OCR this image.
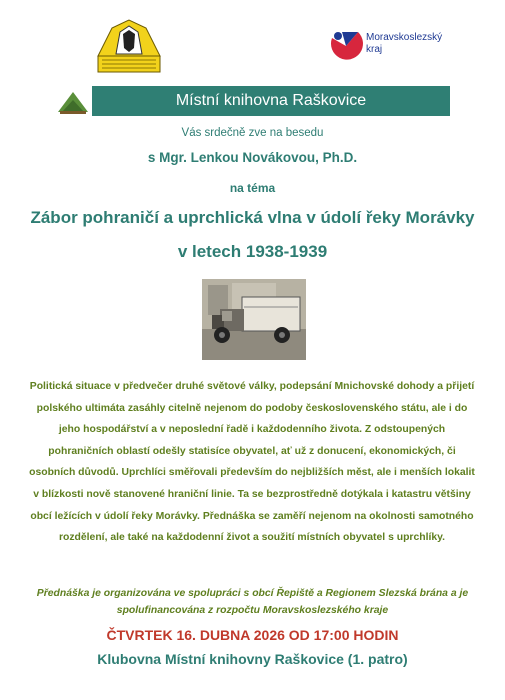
Moravskoslezský
kraj
Místní knihovna Raškovice
Vás srdečně zve na besedu
s Mgr. Lenkou Novákovou, Ph.D.
na téma
Zábor pohraničí a uprchlická vlna v údolí řeky Morávky
v letech 1938-1939
Politická situace v předvečer druhé světové války, podepsání Mnichovské dohody a přijetí
polského ultimáta zasáhly citelně nejenom do podoby československého státu, ale i do
jeho hospodářství a v neposlední řadě i každodenního života. Z odstoupených
pohraničních oblastí odešly statisíce obyvatel, ať už z donucení, ekonomických, či
osobních důvodů. Uprchlíci směřovali především do nejbližších měst, ale i menších lokalit
v blízkosti nově stanovené hraniční linie. Ta se bezprostředně dotýkala i katastru většiny
obcí ležících v údolí řeky Morávky. Přednáška se zaměří nejenom na okolnosti samotného
rozdělení, ale také na každodenní život a soužití místních obyvatel s uprchlíky.
Přednáška je organizována ve spolupráci s obcí Řepiště a Regionem Slezská brána a je
spolufinancována z rozpočtu Moravskoslezského kraje
ČTVRTEK 16. DUBNA 2026 OD 17:00 HODIN
Klubovna Místní knihovny Raškovice (1. patro)
